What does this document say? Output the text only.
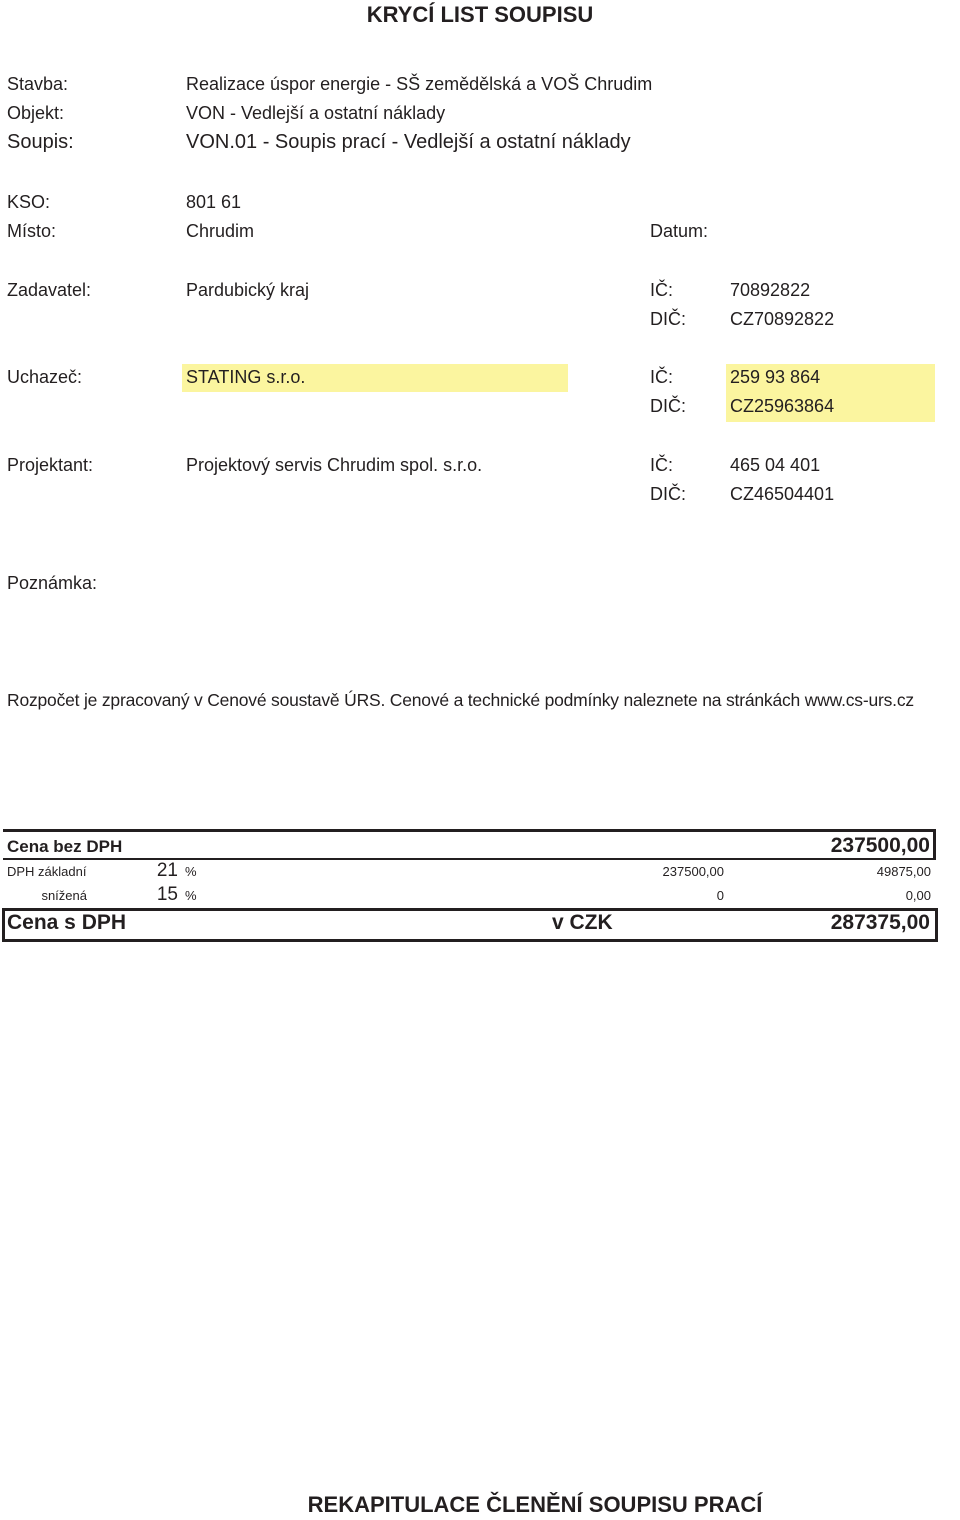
KRYCÍ LIST SOUPISU
Stavba:	Realizace úspor energie - SŠ zemědělská a VOŠ Chrudim
Objekt:	VON - Vedlejší a ostatní náklady
Soupis:	VON.01 - Soupis prací - Vedlejší a ostatní náklady
KSO:	801 61
Místo:	Chrudim	Datum:
Zadavatel:	Pardubický kraj	IČ:	70892822
DIČ: CZ70892822
Uchazeč:	STATING s.r.o.	IČ:	259 93 864
DIČ: CZ25963864
Projektant:	Projektový servis Chrudim spol. s.r.o.	IČ:	465 04 401
DIČ: CZ46504401
Poznámka:
Rozpočet je zpracovaný v Cenové soustavě ÚRS. Cenové a technické podmínky naleznete na stránkách www.cs-urs.cz
Cena bez DPH	237500,00
DPH základní	21 %	237500,00	49875,00
snížená	15 %	0	0,00
Cena s DPH	v CZK	287375,00
REKAPITULACE ČLENĚNÍ SOUPISU PRACÍ
